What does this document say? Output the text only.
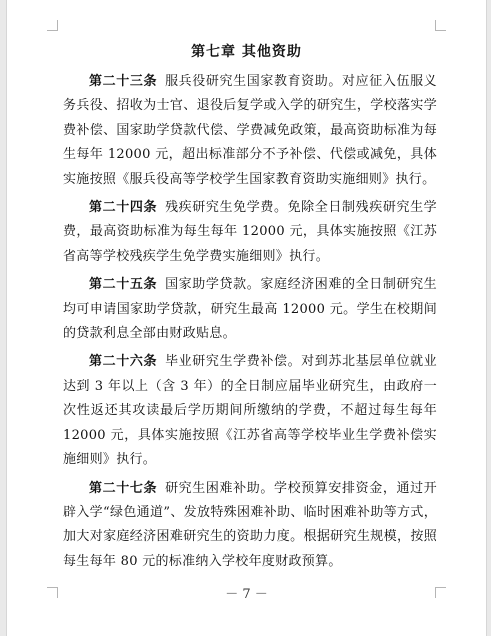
第七章 其他资助

第二十三条 服兵役研究生国家教育资助。对应征入伍服义务兵役、招收为士官、退役后复学或入学的研究生，学校落实学费补偿、国家助学贷款代偿、学费减免政策，最高资助标准为每生每年 12000 元，超出标准部分不予补偿、代偿或减免，具体实施按照《服兵役高等学校学生国家教育资助实施细则》执行。

第二十四条 残疾研究生免学费。免除全日制残疾研究生学费，最高资助标准为每生每年 12000 元，具体实施按照《江苏省高等学校残疾学生免学费实施细则》执行。

第二十五条 国家助学贷款。家庭经济困难的全日制研究生均可申请国家助学贷款，研究生最高 12000 元。学生在校期间的贷款利息全部由财政贴息。

第二十六条 毕业研究生学费补偿。对到苏北基层单位就业达到 3 年以上（含 3 年）的全日制应届毕业研究生，由政府一次性返还其攻读最后学历期间所缴纳的学费，不超过每生每年 12000 元，具体实施按照《江苏省高等学校毕业生学费补偿实施细则》执行。

第二十七条 研究生困难补助。学校预算安排资金，通过开辟入学“绿色通道”、发放特殊困难补助、临时困难补助等方式，加大对家庭经济困难研究生的资助力度。根据研究生规模，按照每生每年 80 元的标准纳入学校年度财政预算。

－ 7 －
